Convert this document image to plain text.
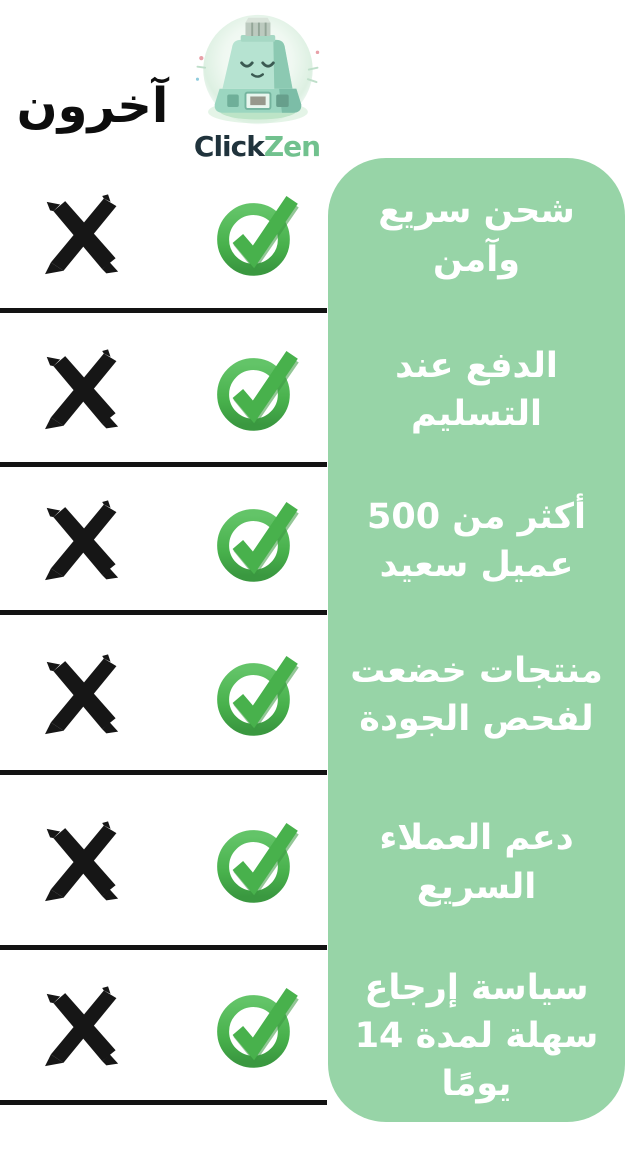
آخرون
ClickZen
شحن سريع
وآمن
الدفع عند
التسليم
أكثر من 500
عميل سعيد
منتجات خضعت
لفحص الجودة
دعم العملاء
السريع
سياسة إرجاع
سهلة لمدة 14
يومًا
